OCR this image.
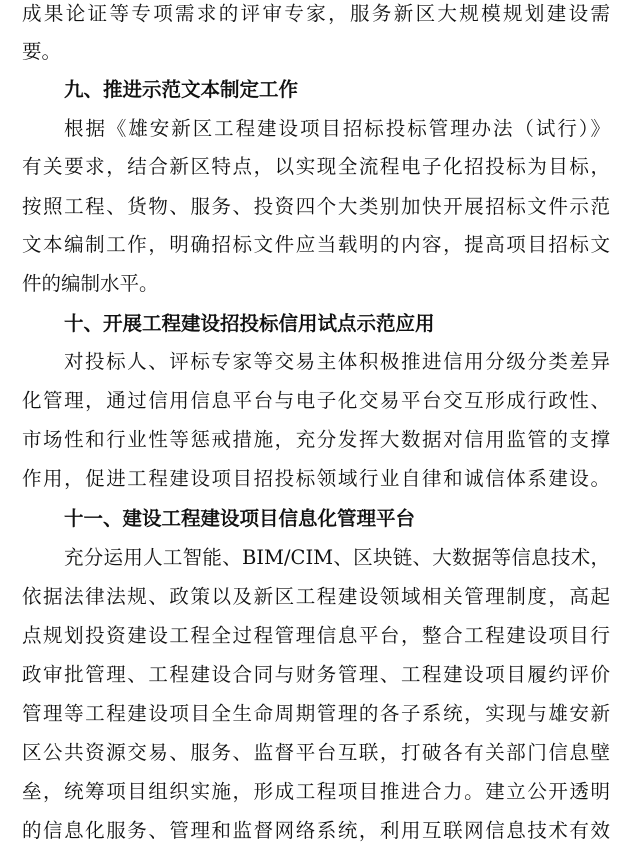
成果论证等专项需求的评审专家，服务新区大规模规划建设需
要。
九、推进示范文本制定工作
根据《雄安新区工程建设项目招标投标管理办法（试行）》
有关要求，结合新区特点，以实现全流程电子化招投标为目标，
按照工程、货物、服务、投资四个大类别加快开展招标文件示范
文本编制工作，明确招标文件应当载明的内容，提高项目招标文
件的编制水平。
十、开展工程建设招投标信用试点示范应用
对投标人、评标专家等交易主体积极推进信用分级分类差异
化管理，通过信用信息平台与电子化交易平台交互形成行政性、
市场性和行业性等惩戒措施，充分发挥大数据对信用监管的支撑
作用，促进工程建设项目招投标领域行业自律和诚信体系建设。
十一、建设工程建设项目信息化管理平台
充分运用人工智能、BIM/CIM、区块链、大数据等信息技术，
依据法律法规、政策以及新区工程建设领域相关管理制度，高起
点规划投资建设工程全过程管理信息平台，整合工程建设项目行
政审批管理、工程建设合同与财务管理、工程建设项目履约评价
管理等工程建设项目全生命周期管理的各子系统，实现与雄安新
区公共资源交易、服务、监督平台互联，打破各有关部门信息壁
垒，统筹项目组织实施，形成工程项目推进合力。建立公开透明
的信息化服务、管理和监督网络系统，利用互联网信息技术有效
